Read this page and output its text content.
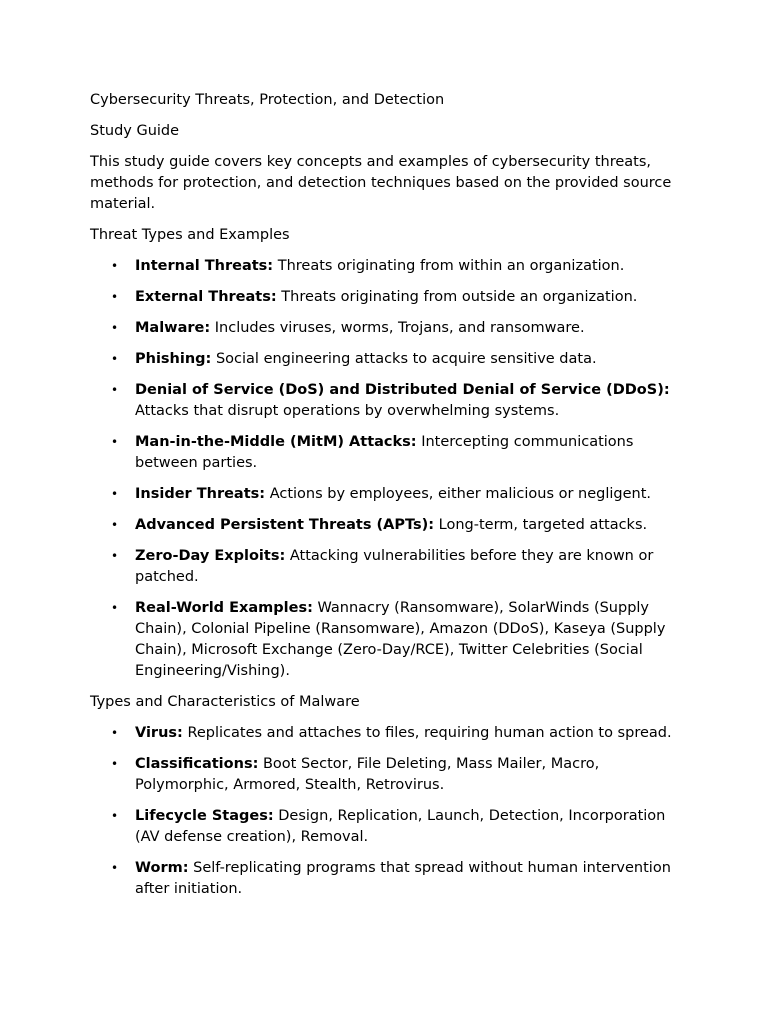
Cybersecurity Threats, Protection, and Detection

Study Guide

This study guide covers key concepts and examples of cybersecurity threats, methods for protection, and detection techniques based on the provided source material.

Threat Types and Examples

• Internal Threats: Threats originating from within an organization.
• External Threats: Threats originating from outside an organization.
• Malware: Includes viruses, worms, Trojans, and ransomware.
• Phishing: Social engineering attacks to acquire sensitive data.
• Denial of Service (DoS) and Distributed Denial of Service (DDoS): Attacks that disrupt operations by overwhelming systems.
• Man-in-the-Middle (MitM) Attacks: Intercepting communications between parties.
• Insider Threats: Actions by employees, either malicious or negligent.
• Advanced Persistent Threats (APTs): Long-term, targeted attacks.
• Zero-Day Exploits: Attacking vulnerabilities before they are known or patched.
• Real-World Examples: Wannacry (Ransomware), SolarWinds (Supply Chain), Colonial Pipeline (Ransomware), Amazon (DDoS), Kaseya (Supply Chain), Microsoft Exchange (Zero-Day/RCE), Twitter Celebrities (Social Engineering/Vishing).

Types and Characteristics of Malware

• Virus: Replicates and attaches to files, requiring human action to spread.
• Classifications: Boot Sector, File Deleting, Mass Mailer, Macro, Polymorphic, Armored, Stealth, Retrovirus.
• Lifecycle Stages: Design, Replication, Launch, Detection, Incorporation (AV defense creation), Removal.
• Worm: Self-replicating programs that spread without human intervention after initiation.
